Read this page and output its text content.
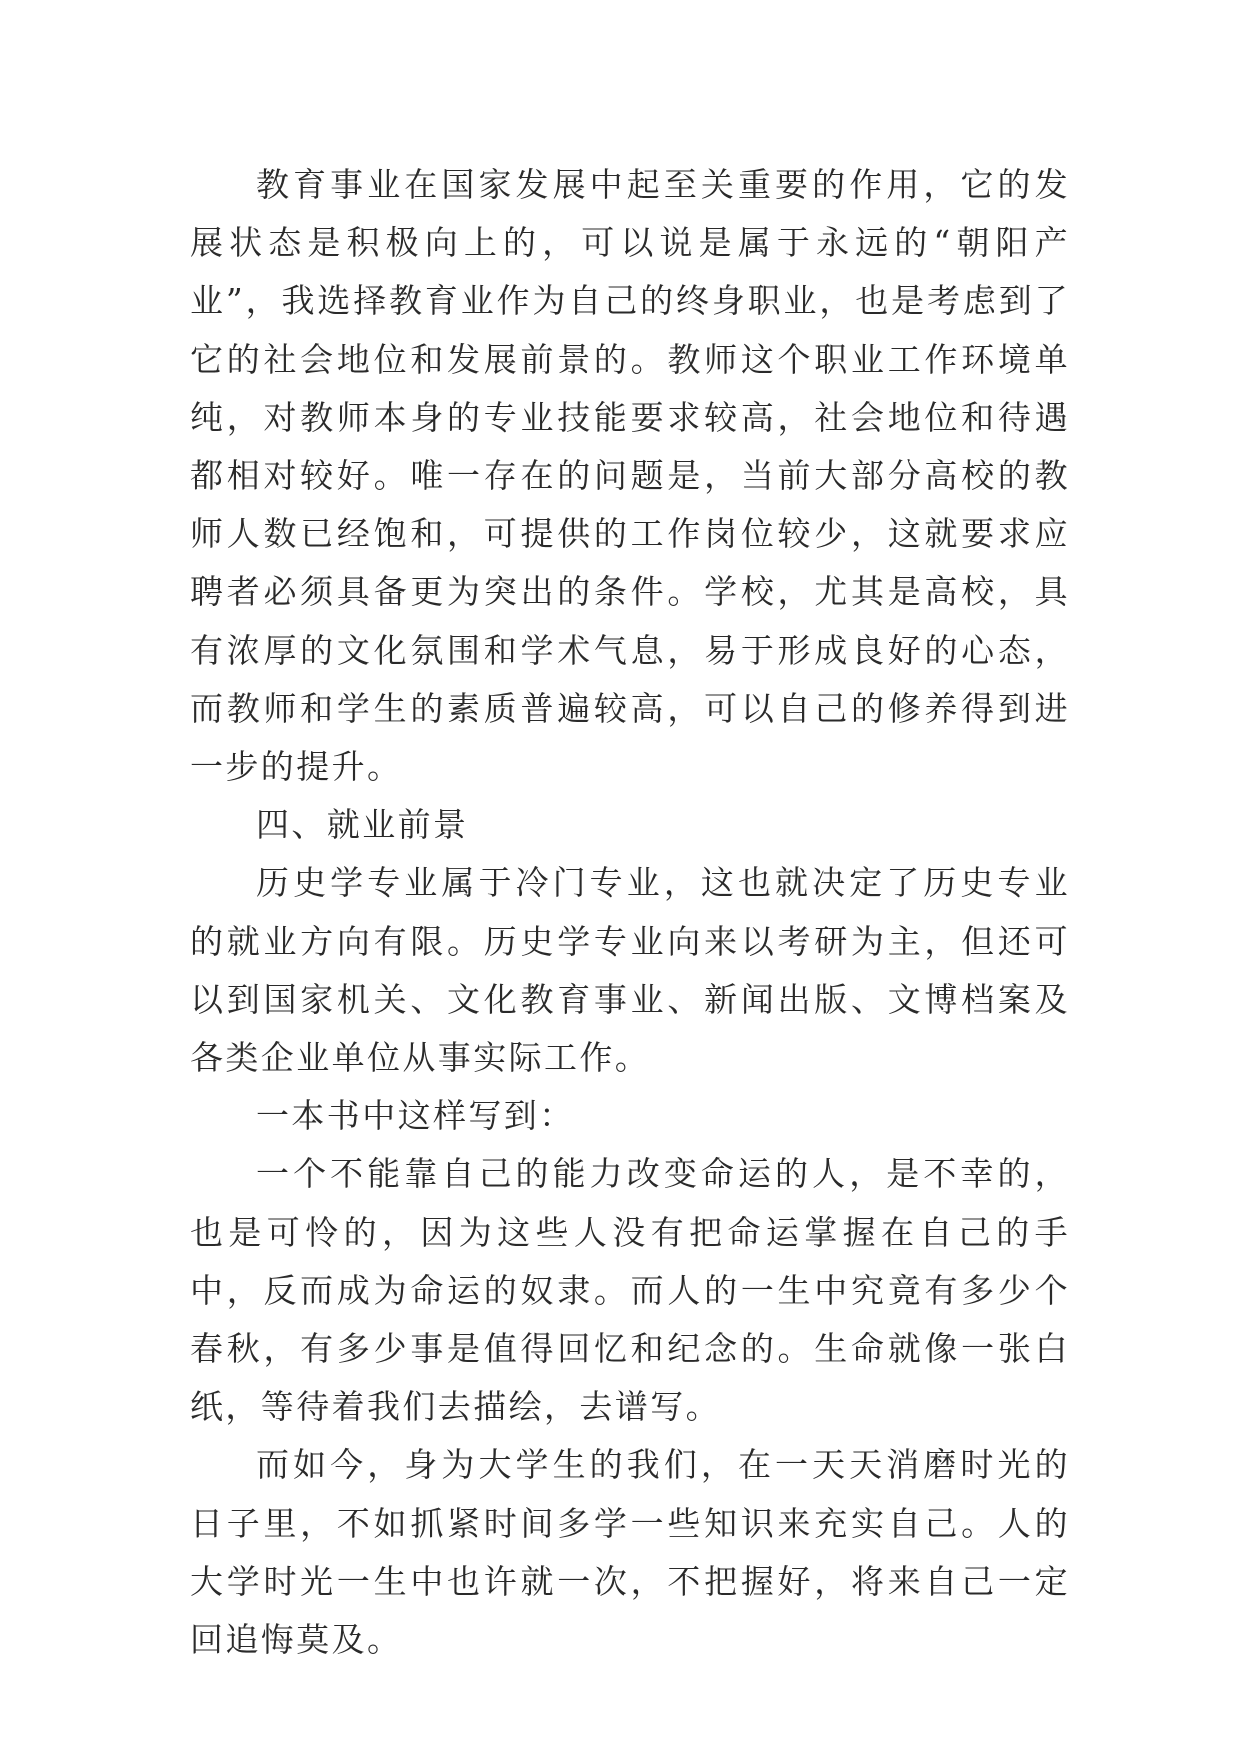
教育事业在国家发展中起至关重要的作用，它的发展状态是积极向上的，可以说是属于永远的“朝阳产业”，我选择教育业作为自己的终身职业，也是考虑到了它的社会地位和发展前景的。教师这个职业工作环境单纯，对教师本身的专业技能要求较高，社会地位和待遇都相对较好。唯一存在的问题是，当前大部分高校的教师人数已经饱和，可提供的工作岗位较少，这就要求应聘者必须具备更为突出的条件。学校，尤其是高校，具有浓厚的文化氛围和学术气息，易于形成良好的心态，而教师和学生的素质普遍较高，可以自己的修养得到进一步的提升。

四、就业前景

历史学专业属于冷门专业，这也就决定了历史专业的就业方向有限。历史学专业向来以考研为主，但还可以到国家机关、文化教育事业、新闻出版、文博档案及各类企业单位从事实际工作。

一本书中这样写到：

一个不能靠自己的能力改变命运的人，是不幸的，也是可怜的，因为这些人没有把命运掌握在自己的手中，反而成为命运的奴隶。而人的一生中究竟有多少个春秋，有多少事是值得回忆和纪念的。生命就像一张白纸，等待着我们去描绘，去谱写。

而如今，身为大学生的我们，在一天天消磨时光的日子里，不如抓紧时间多学一些知识来充实自己。人的大学时光一生中也许就一次，不把握好，将来自己一定回追悔莫及。
